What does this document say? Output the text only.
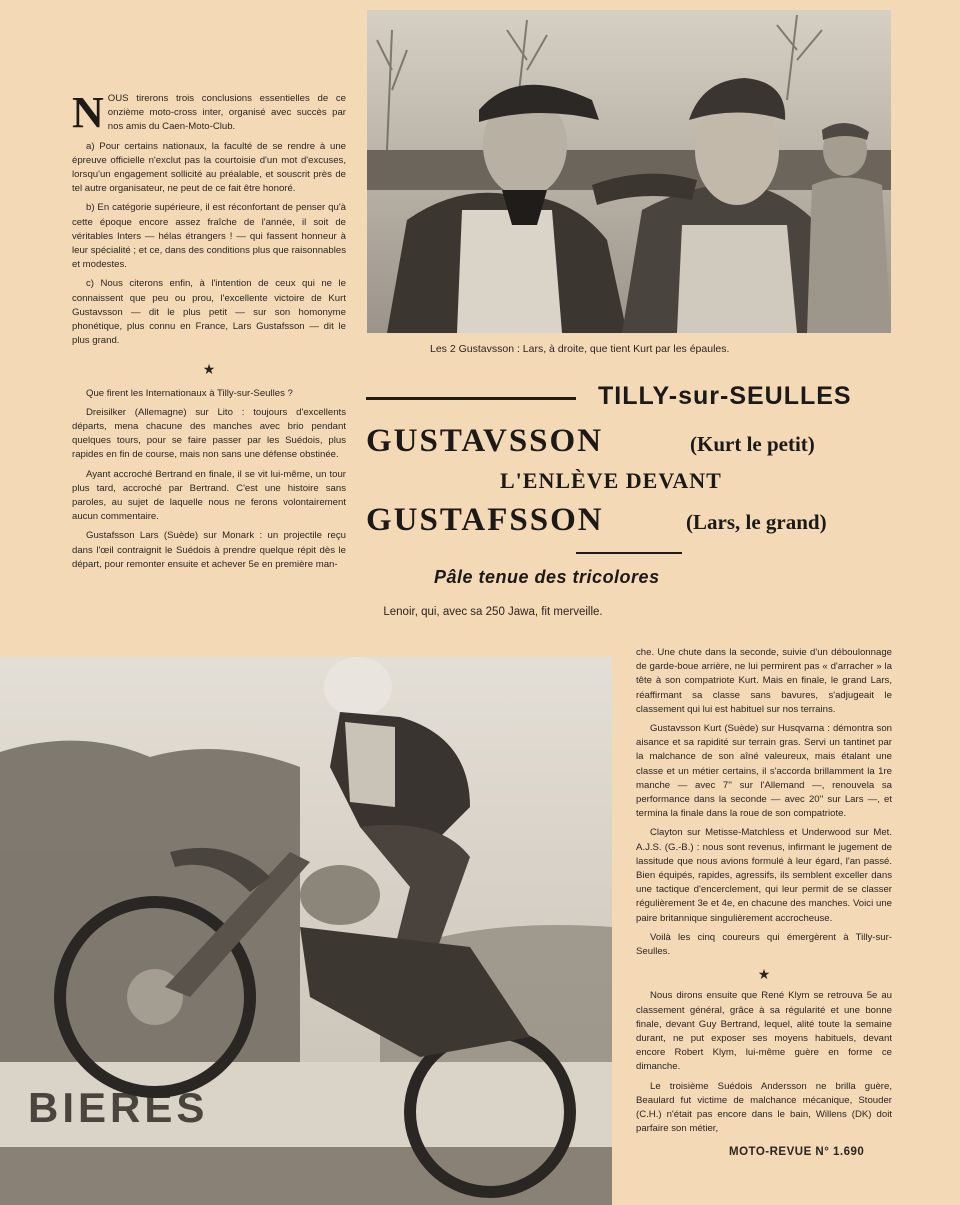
NOUS tirerons trois conclusions essentielles de ce onzième moto-cross inter, organisé avec succès par nos amis du Caen-Moto-Club.

a) Pour certains nationaux, la faculté de se rendre à une épreuve officielle n'exclut pas la courtoisie d'un mot d'excuses, lorsqu'un engagement sollicité au préalable, et souscrit près de tel autre organisateur, ne peut de ce fait être honoré.

b) En catégorie supérieure, il est réconfortant de penser qu'à cette époque encore assez fraîche de l'année, il soit de véritables Inters — hélas étrangers ! — qui fassent honneur à leur spécialité ; et ce, dans des conditions plus que raisonnables et modestes.

c) Nous citerons enfin, à l'intention de ceux qui ne le connaissent que peu ou prou, l'excellente victoire de Kurt Gustavsson — dit le plus petit — sur son homonyme phonétique, plus connu en France, Lars Gustafsson — dit le plus grand.

★

Que firent les Internationaux à Tilly-sur-Seulles ?

Dreisilker (Allemagne) sur Lito : toujours d'excellents départs, mena chacune des manches avec brio pendant quelques tours, pour se faire passer par les Suédois, plus rapides en fin de course, mais non sans une défense obstinée.

Ayant accroché Bertrand en finale, il se vit lui-même, un tour plus tard, accroché par Bertrand. C'est une histoire sans paroles, au sujet de laquelle nous ne ferons volontairement aucun commentaire.

Gustafsson Lars (Suède) sur Monark : un projectile reçu dans l'œil contraignit le Suédois à prendre quelque répit dès le départ, pour remonter ensuite et achever 5e en première man-

Les 2 Gustavsson : Lars, à droite, que tient Kurt par les épaules.
TILLY-sur-SEULLES
GUSTAVSSON	(Kurt le petit)
L'ENLÈVE DEVANT
GUSTAFSSON	(Lars, le grand)
Pâle tenue des tricolores
Lenoir, qui, avec sa 250 Jawa, fit merveille.
BIERES

che. Une chute dans la seconde, suivie d'un déboulonnage de garde-boue arrière, ne lui permirent pas « d'arracher » la tête à son compatriote Kurt. Mais en finale, le grand Lars, réaffirmant sa classe sans bavures, s'adjugeait le classement qui lui est habituel sur nos terrains.

Gustavsson Kurt (Suède) sur Husqvarna : démontra son aisance et sa rapidité sur terrain gras. Servi un tantinet par la malchance de son aîné valeureux, mais étalant une classe et un métier certains, il s'accorda brillamment la 1re manche — avec 7'' sur l'Allemand —, renouvela sa performance dans la seconde — avec 20'' sur Lars —, et termina la finale dans la roue de son compatriote.

Clayton sur Metisse-Matchless et Underwood sur Met. A.J.S. (G.-B.) : nous sont revenus, infirmant le jugement de lassitude que nous avions formulé à leur égard, l'an passé. Bien équipés, rapides, agressifs, ils semblent exceller dans une tactique d'encerclement, qui leur permit de se classer régulièrement 3e et 4e, en chacune des manches. Voici une paire britannique singulièrement accrocheuse.

Voilà les cinq coureurs qui émergèrent à Tilly-sur-Seulles.

★

Nous dirons ensuite que René Klym se retrouva 5e au classement général, grâce à sa régularité et une bonne finale, devant Guy Bertrand, lequel, alité toute la semaine durant, ne put exposer ses moyens habituels, devant encore Robert Klym, lui-même guère en forme ce dimanche.

Le troisième Suédois Andersson ne brilla guère, Beaulard fut victime de malchance mécanique, Stouder (C.H.) n'était pas encore dans le bain, Willens (DK) doit parfaire son métier,

MOTO-REVUE N° 1.690
